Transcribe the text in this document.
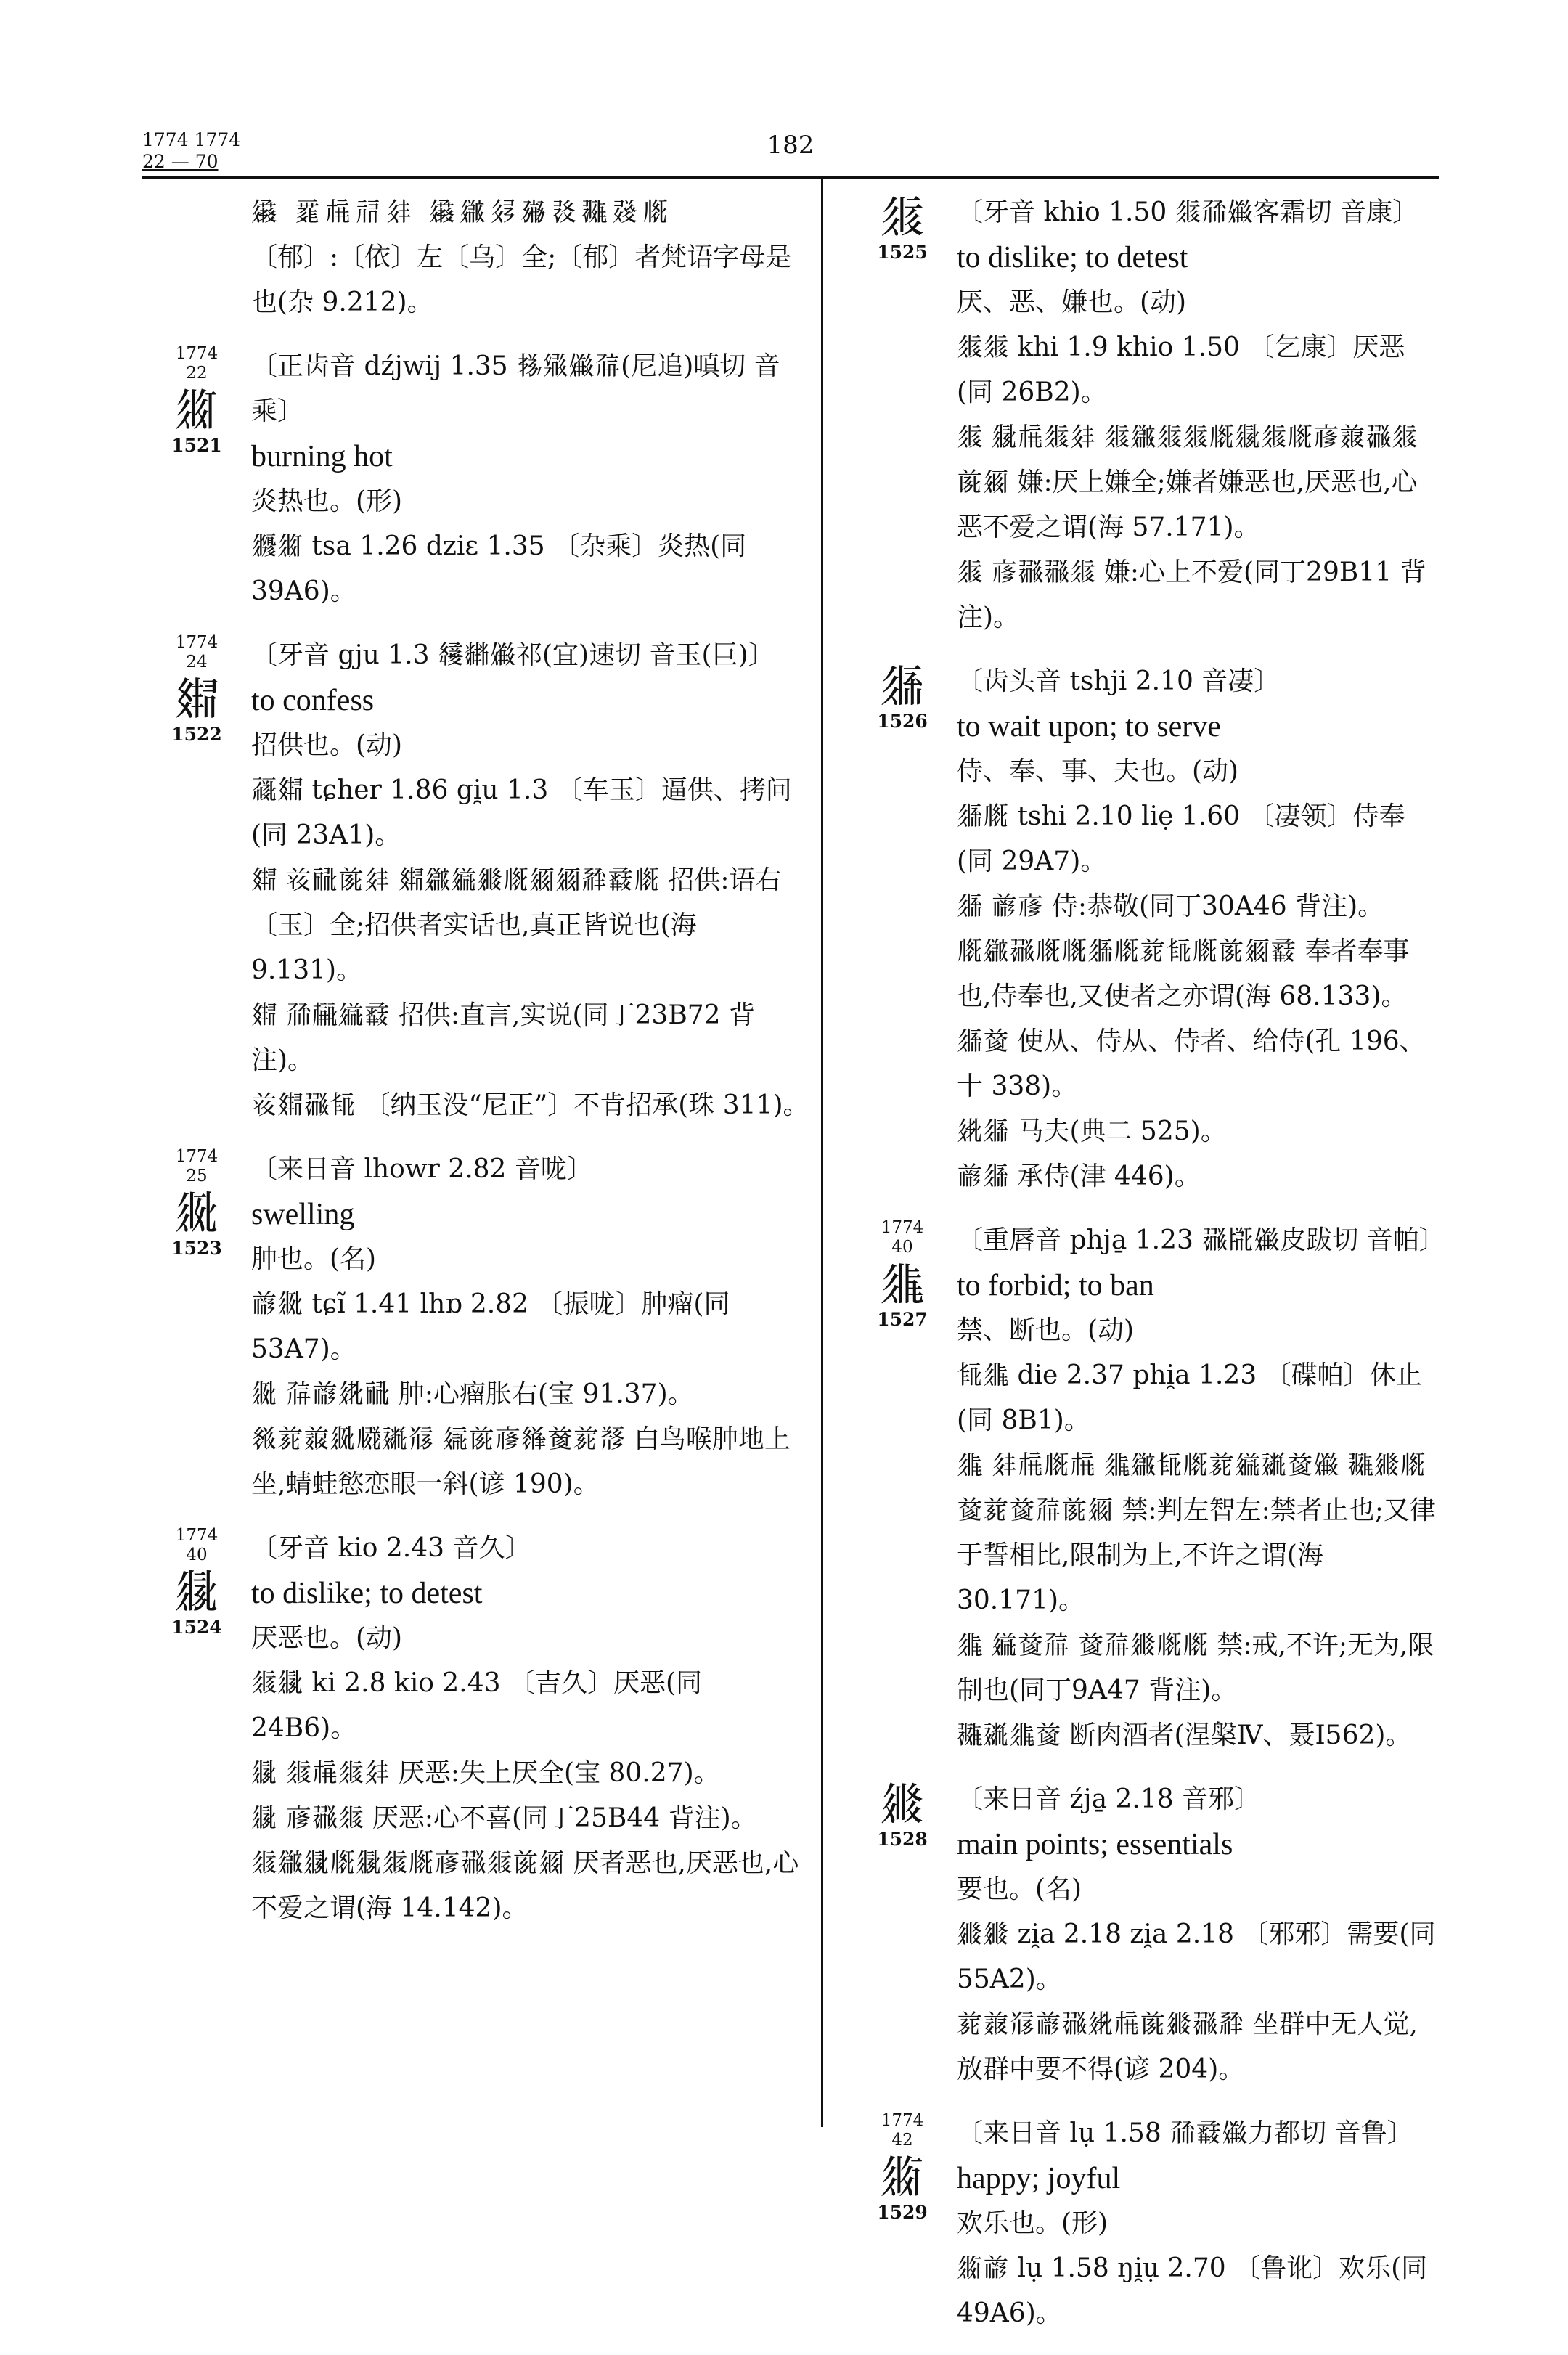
1774 1774
22 — 70
182
𗪲 𗵀𗍫𗘺𗢳 𗪲𗫡𗢮𗉫𗖅𗖵𘅫𗅋
〔郁〕:〔依〕左〔乌〕全;〔郁〕者梵语字母是
也(杂 9.212)。
1774
22
𗼕
1521
〔正齿音 dźjwij 1.35 𗈪𗋒𗏹𗗚(尼追)嗔切 音乘〕
burning hot
炎热也。(形)
𗼭𗼕 tsa 1.26 dziɛ 1.35 〔杂乘〕炎热(同 39A6)。
1774
24
𗿏
1522
〔牙音 gju 1.3 𘀂𘂤𗏹祁(宜)速切 音玉(巨)〕
to confess
招供也。(动)
𗹙𗿏 tɕher 1.86 gi̯u 1.3 〔车玉〕逼供、拷问(同 23A1)。
𗿏 𘝞𗟻𗐯𗢳 𗿏𗫡𗨉𗦫𗅋𗥃𗥃𗴂𗈛𗅋 招供:语右〔玉〕全;招供者实话也,真正皆说也(海 9.131)。
𗿏 𗗙𗍳𗨉𗈛 招供:直言,实说(同丁23B72 背注)。
𘝞𗿏𗖻𗺉 〔纳玉没“尼正”〕不肯招承(珠 311)。
1774
25
𗼒
1523
〔来日音 lhowr 2.82 音咙〕
swelling
肿也。(名)
𗑗𗼒 tɕĩ 1.41 lhɒ 2.82 〔振咙〕肿瘤(同 53A7)。
𗼒 𗗚𗑗𗣈𗟻 肿:心瘤胀右(宝 91.37)。
𗬩𗐱𗓑𗼒𗆧𗡶𗭼 𗦇𗐯𗇋𗬰𗒹𗐱𘃡 白鸟喉肿地上坐,蜻蛙慾恋眼一斜(谚 190)。
1774
40
𗼑
1524
〔牙音 kio 2.43 音久〕
to dislike; to detest
厌恶也。(动)
𗼐𗼑 ki 2.8 kio 2.43 〔吉久〕厌恶(同 24B6)。
𗼑 𗼐𗍫𗼐𗢳 厌恶:失上厌全(宝 80.27)。
𗼑 𗇋𗖻𗼐 厌恶:心不喜(同丁25B44 背注)。
𗼐𗫡𗼑𗅋𗼑𗼐𗅋𗇋𗖻𗼐𗐯𗥃 厌者恶也,厌恶也,心不爱之谓(海 14.142)。
𗼐
1525
〔牙音 khio 1.50 𗼐𗗙𗏹客霜切 音康〕
to dislike; to detest
厌、恶、嫌也。(动)
𗼐𗼐 khi 1.9 khio 1.50 〔乞康〕厌恶(同 26B2)。
𗼐 𗼑𗍫𗼐𗢳 𗼐𗫡𗼐𗼐𗅋𗼑𗼐𗅋𗇋𗓑𗖻𗼐𗐯𗥃 嫌:厌上嫌全;嫌者嫌恶也,厌恶也,心恶不爱之谓(海 57.171)。
𗼐 𗇋𗖻𗖻𗼐 嫌:心上不爱(同丁29B11 背注)。
𗼓
1526
〔齿头音 tshji 2.10 音凄〕
to wait upon; to serve
侍、奉、事、夫也。(动)
𗼓𗅋 tshi 2.10 liẹ 1.60 〔凄领〕侍奉(同 29A7)。
𗼓 𗑗𗇋 侍:恭敬(同丁30A46 背注)。
𗅋𗫡𗖻𗅋𗅋𗼓𗅋𗐱𗺉𗅋𗐯𗥃𗈛 奉者奉事也,侍奉也,又使者之亦谓(海 68.133)。
𗼓𗒹 使从、侍从、侍者、给侍(孔 196、十 338)。
𗣈𗼓 马夫(典二 525)。
𗑗𗼓 承侍(津 446)。
1774
40
𗼔
1527
〔重唇音 phja̱ 1.23 𗖻𗎭𗏹皮跋切 音帕〕
to forbid; to ban
禁、断也。(动)
𗺉𗼔 die 2.37 phi̯a 1.23 〔碟帕〕休止(同 8B1)。
𗼔 𗢳𗍫𗅋𗍫 𗼔𗫡𗺉𗅋𗐱𗨉𗡶𗒹𗏹 𗖵𗦫𗅋𗒹𗐱𗒹𗗚𗐯𗥃 禁:判左智左:禁者止也;又律于誓相比,限制为上,不许之谓(海 30.171)。
𗼔 𗨉𗒹𗗚 𗒹𗗚𗦫𗅋𗅋 禁:戒,不许;无为,限制也(同丁9A47 背注)。
𗖵𗡶𗼔𗒹 断肉酒者(涅槃Ⅳ、聂Ⅰ562)。
𗦫
1528
〔来日音 źja̱ 2.18 音邪〕
main points; essentials
要也。(名)
𗦫𗦫 zi̯a 2.18 zi̯a 2.18 〔邪邪〕需要(同 55A2)。
𗐱𗓑𗭼𗑗𗖻𗣈𗍫𗐯𗦫𗖻𗴂 坐群中无人觉,放群中要不得(谚 204)。
1774
42
𗼖
1529
〔来日音 lụ 1.58 𗗙𗈛𗏹力都切 音鲁〕
happy; joyful
欢乐也。(形)
𗼖𗑗 lụ 1.58 ŋi̯ụ 2.70 〔鲁讹〕欢乐(同 49A6)。
